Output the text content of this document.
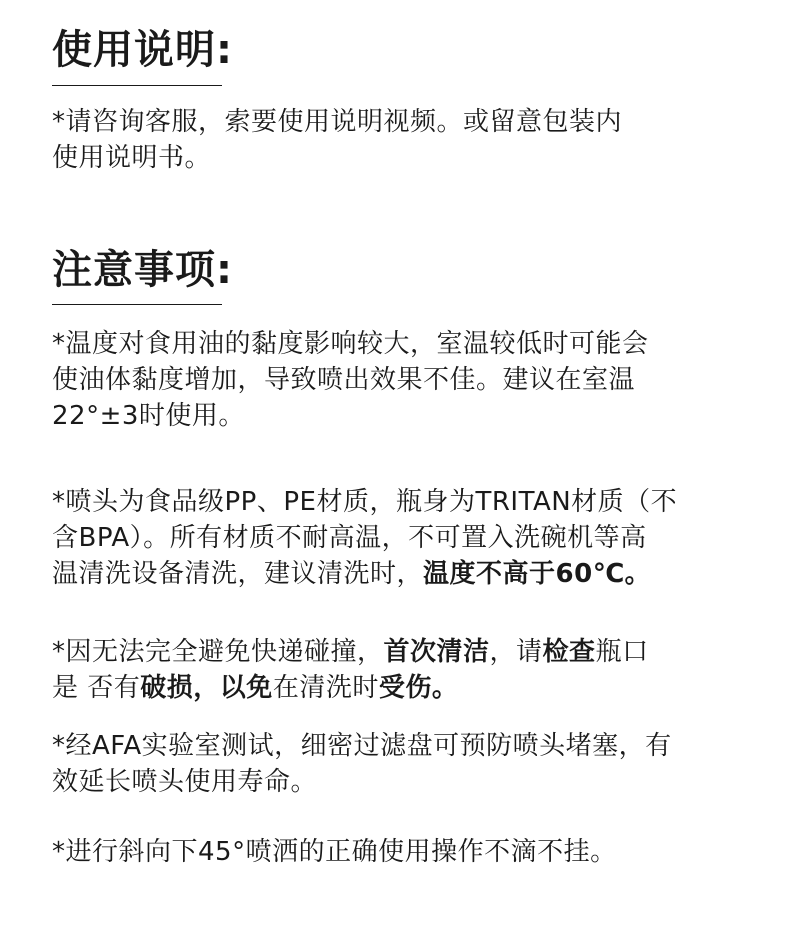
使用说明:
*请咨询客服，索要使用说明视频。或留意包装内
使用说明书。
注意事项:
*温度对食用油的黏度影响较大，室温较低时可能会
使油体黏度增加，导致喷出效果不佳。建议在室温
22°±3时使用。
*喷头为食品级PP、PE材质，瓶身为TRITAN材质（不
含BPA）。所有材质不耐高温，不可置入洗碗机等高
温清洗设备清洗，建议清洗时，温度不高于60℃。
*因无法完全避免快递碰撞，首次清洁，请检查瓶口
是 否有破损，以免在清洗时受伤。
*经AFA实验室测试，细密过滤盘可预防喷头堵塞，有
效延长喷头使用寿命。
*进行斜向下45°喷洒的正确使用操作不滴不挂。
